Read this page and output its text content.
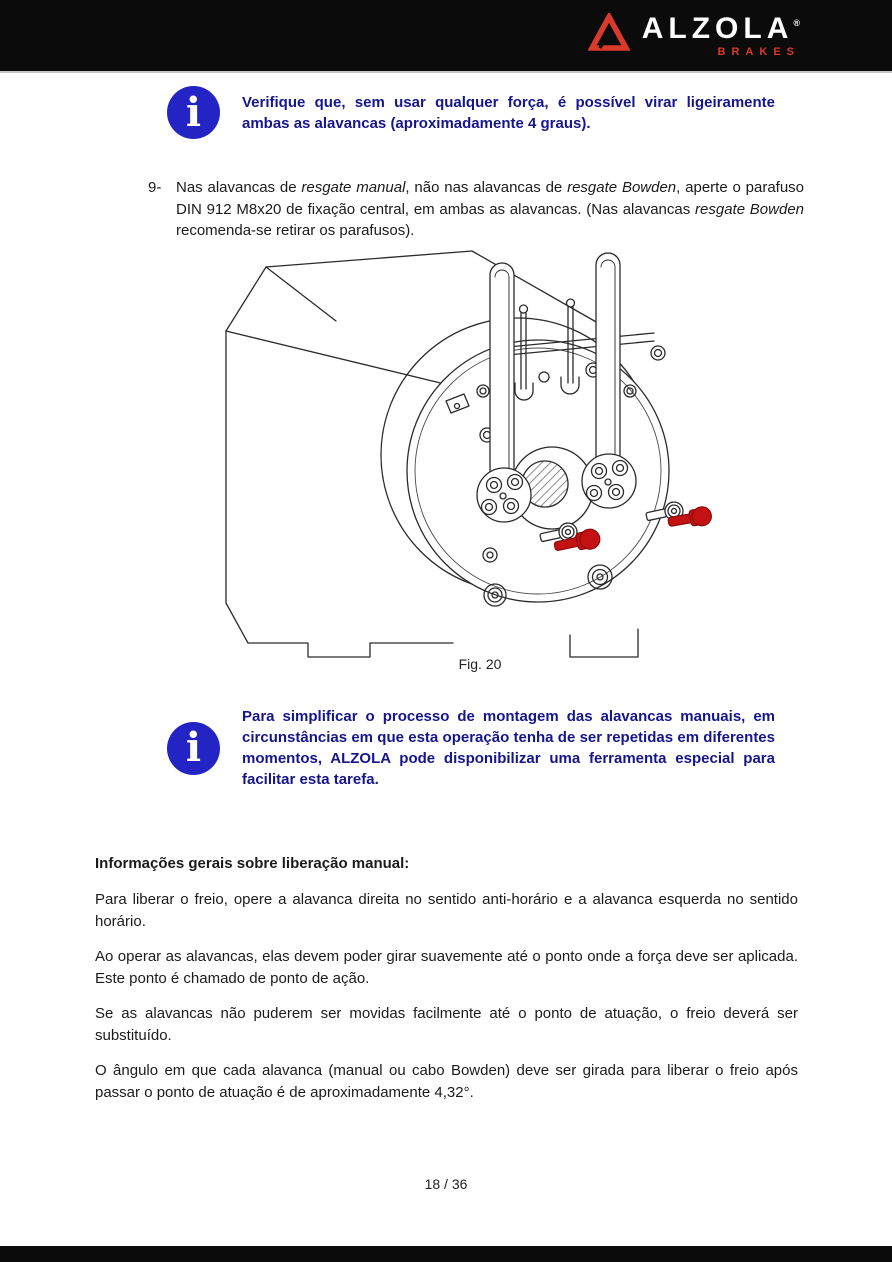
ALZOLA®
BRAKES
i	Verifique que, sem usar qualquer força, é possível virar ligeiramente ambas as alavancas (aproximadamente 4 graus).
9- Nas alavancas de resgate manual, não nas alavancas de resgate Bowden, aperte o parafuso DIN 912 M8x20 de fixação central, em ambas as alavancas. (Nas alavancas resgate Bowden recomenda-se retirar os parafusos).
Fig. 20
i
Para simplificar o processo de montagem das alavancas manuais, em circunstâncias em que esta operação tenha de ser repetidas em diferentes momentos, ALZOLA pode disponibilizar uma ferramenta especial para facilitar esta tarefa.
Informações gerais sobre liberação manual:

Para liberar o freio, opere a alavanca direita no sentido anti-horário e a alavanca esquerda no sentido horário.

Ao operar as alavancas, elas devem poder girar suavemente até o ponto onde a força deve ser aplicada. Este ponto é chamado de ponto de ação.

Se as alavancas não puderem ser movidas facilmente até o ponto de atuação, o freio deverá ser substituído.

O ângulo em que cada alavanca (manual ou cabo Bowden) deve ser girada para liberar o freio após passar o ponto de atuação é de aproximadamente 4,32°.

18 / 36
